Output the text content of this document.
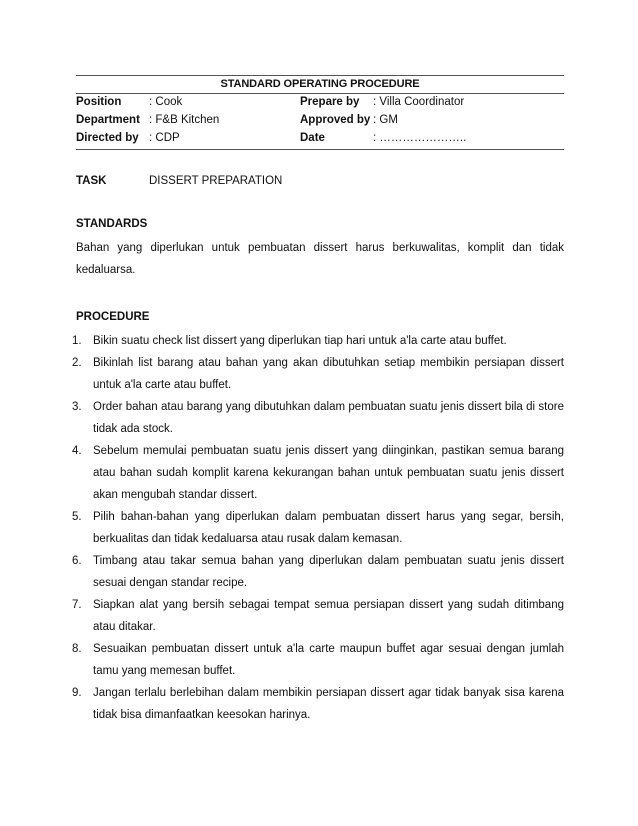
STANDARD OPERATING PROCEDURE
Position : Cook	Prepare by : Villa Coordinator
Department : F&B Kitchen	Approved by : GM
Directed by : CDP	Date	: …………………..
TASK	DISSERT PREPARATION
STANDARDS
Bahan yang diperlukan untuk pembuatan dissert harus berkuwalitas, komplit dan tidak kedaluarsa.
PROCEDURE
1. Bikin suatu check list dissert yang diperlukan tiap hari untuk a'la carte atau buffet.
2. Bikinlah list barang atau bahan yang akan dibutuhkan setiap membikin persiapan dissert untuk a'la carte atau buffet.
3. Order bahan atau barang yang dibutuhkan dalam pembuatan suatu jenis dissert bila di store tidak ada stock.
4. Sebelum memulai pembuatan suatu jenis dissert yang diinginkan, pastikan semua barang atau bahan sudah komplit karena kekurangan bahan untuk pembuatan suatu jenis dissert akan mengubah standar dissert.
5. Pilih bahan-bahan yang diperlukan dalam pembuatan dissert harus yang segar, bersih, berkualitas dan tidak kedaluarsa atau rusak dalam kemasan.
6. Timbang atau takar semua bahan yang diperlukan dalam pembuatan suatu jenis dissert sesuai dengan standar recipe.
7. Siapkan alat yang bersih sebagai tempat semua persiapan dissert yang sudah ditimbang atau ditakar.
8. Sesuaikan pembuatan dissert untuk a'la carte maupun buffet agar sesuai dengan jumlah tamu yang memesan buffet.
9. Jangan terlalu berlebihan dalam membikin persiapan dissert agar tidak banyak sisa karena tidak bisa dimanfaatkan keesokan harinya.
